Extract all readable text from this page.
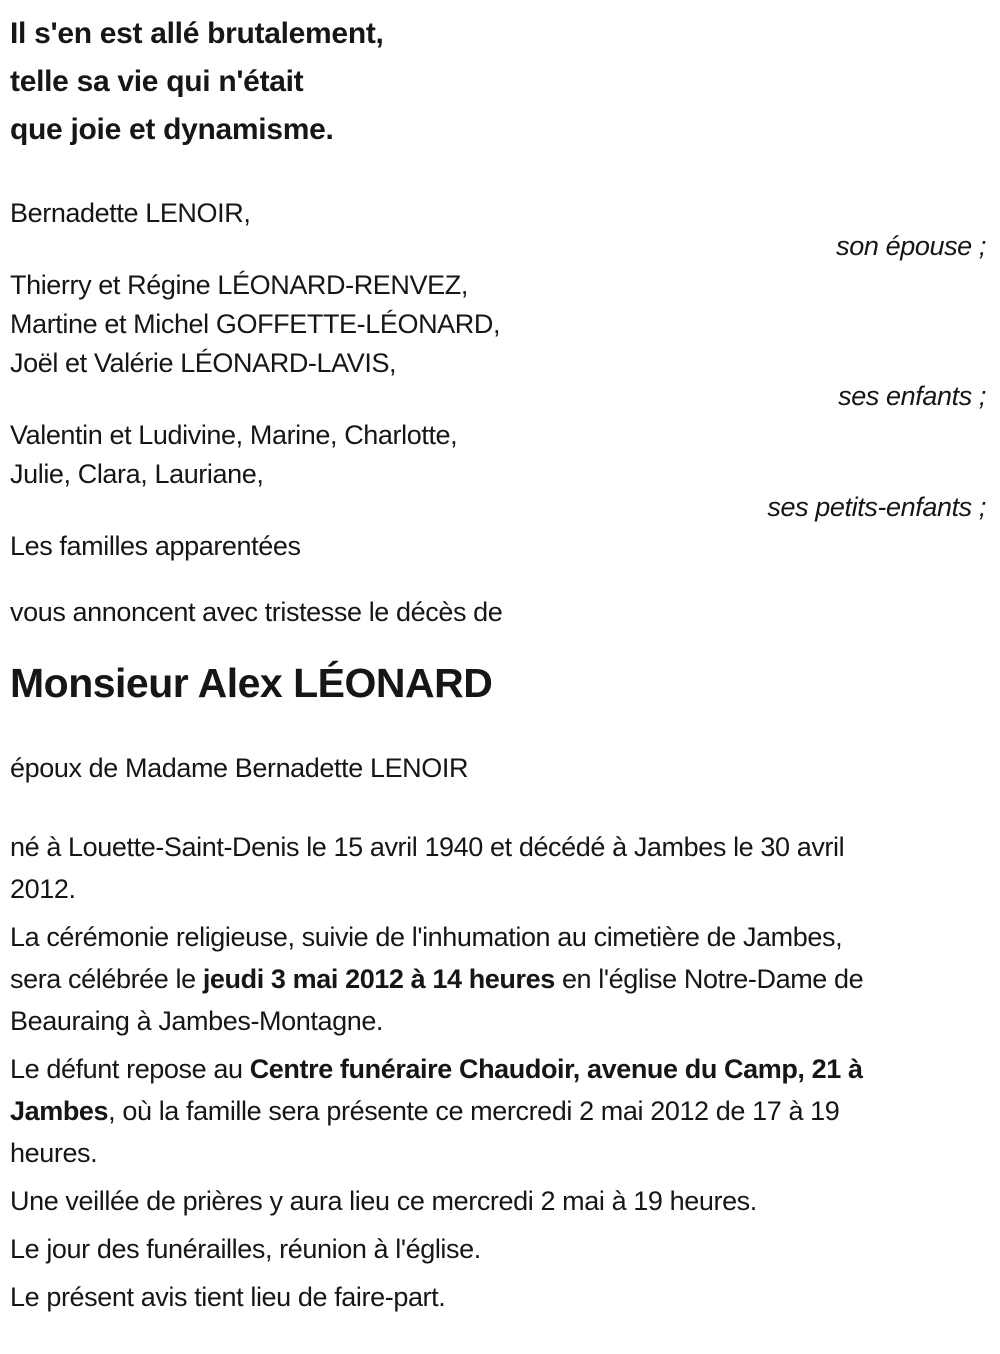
Il s'en est allé brutalement,
telle sa vie qui n'était
que joie et dynamisme.
Bernadette LENOIR,
son épouse ;
Thierry et Régine LÉONARD-RENVEZ,
Martine et Michel GOFFETTE-LÉONARD,
Joël et Valérie LÉONARD-LAVIS,
ses enfants ;
Valentin et Ludivine, Marine, Charlotte,
Julie, Clara, Lauriane,
ses petits-enfants ;
Les familles apparentées
vous annoncent avec tristesse le décès de
Monsieur Alex LÉONARD
époux de Madame Bernadette LENOIR
né à Louette-Saint-Denis le 15 avril 1940 et décédé à Jambes le 30 avril
2012.
La cérémonie religieuse, suivie de l'inhumation au cimetière de Jambes,
sera célébrée le jeudi 3 mai 2012 à 14 heures en l'église Notre-Dame de
Beauraing à Jambes-Montagne.
Le défunt repose au Centre funéraire Chaudoir, avenue du Camp, 21 à
Jambes, où la famille sera présente ce mercredi 2 mai 2012 de 17 à 19
heures.
Une veillée de prières y aura lieu ce mercredi 2 mai à 19 heures.
Le jour des funérailles, réunion à l'église.
Le présent avis tient lieu de faire-part.
